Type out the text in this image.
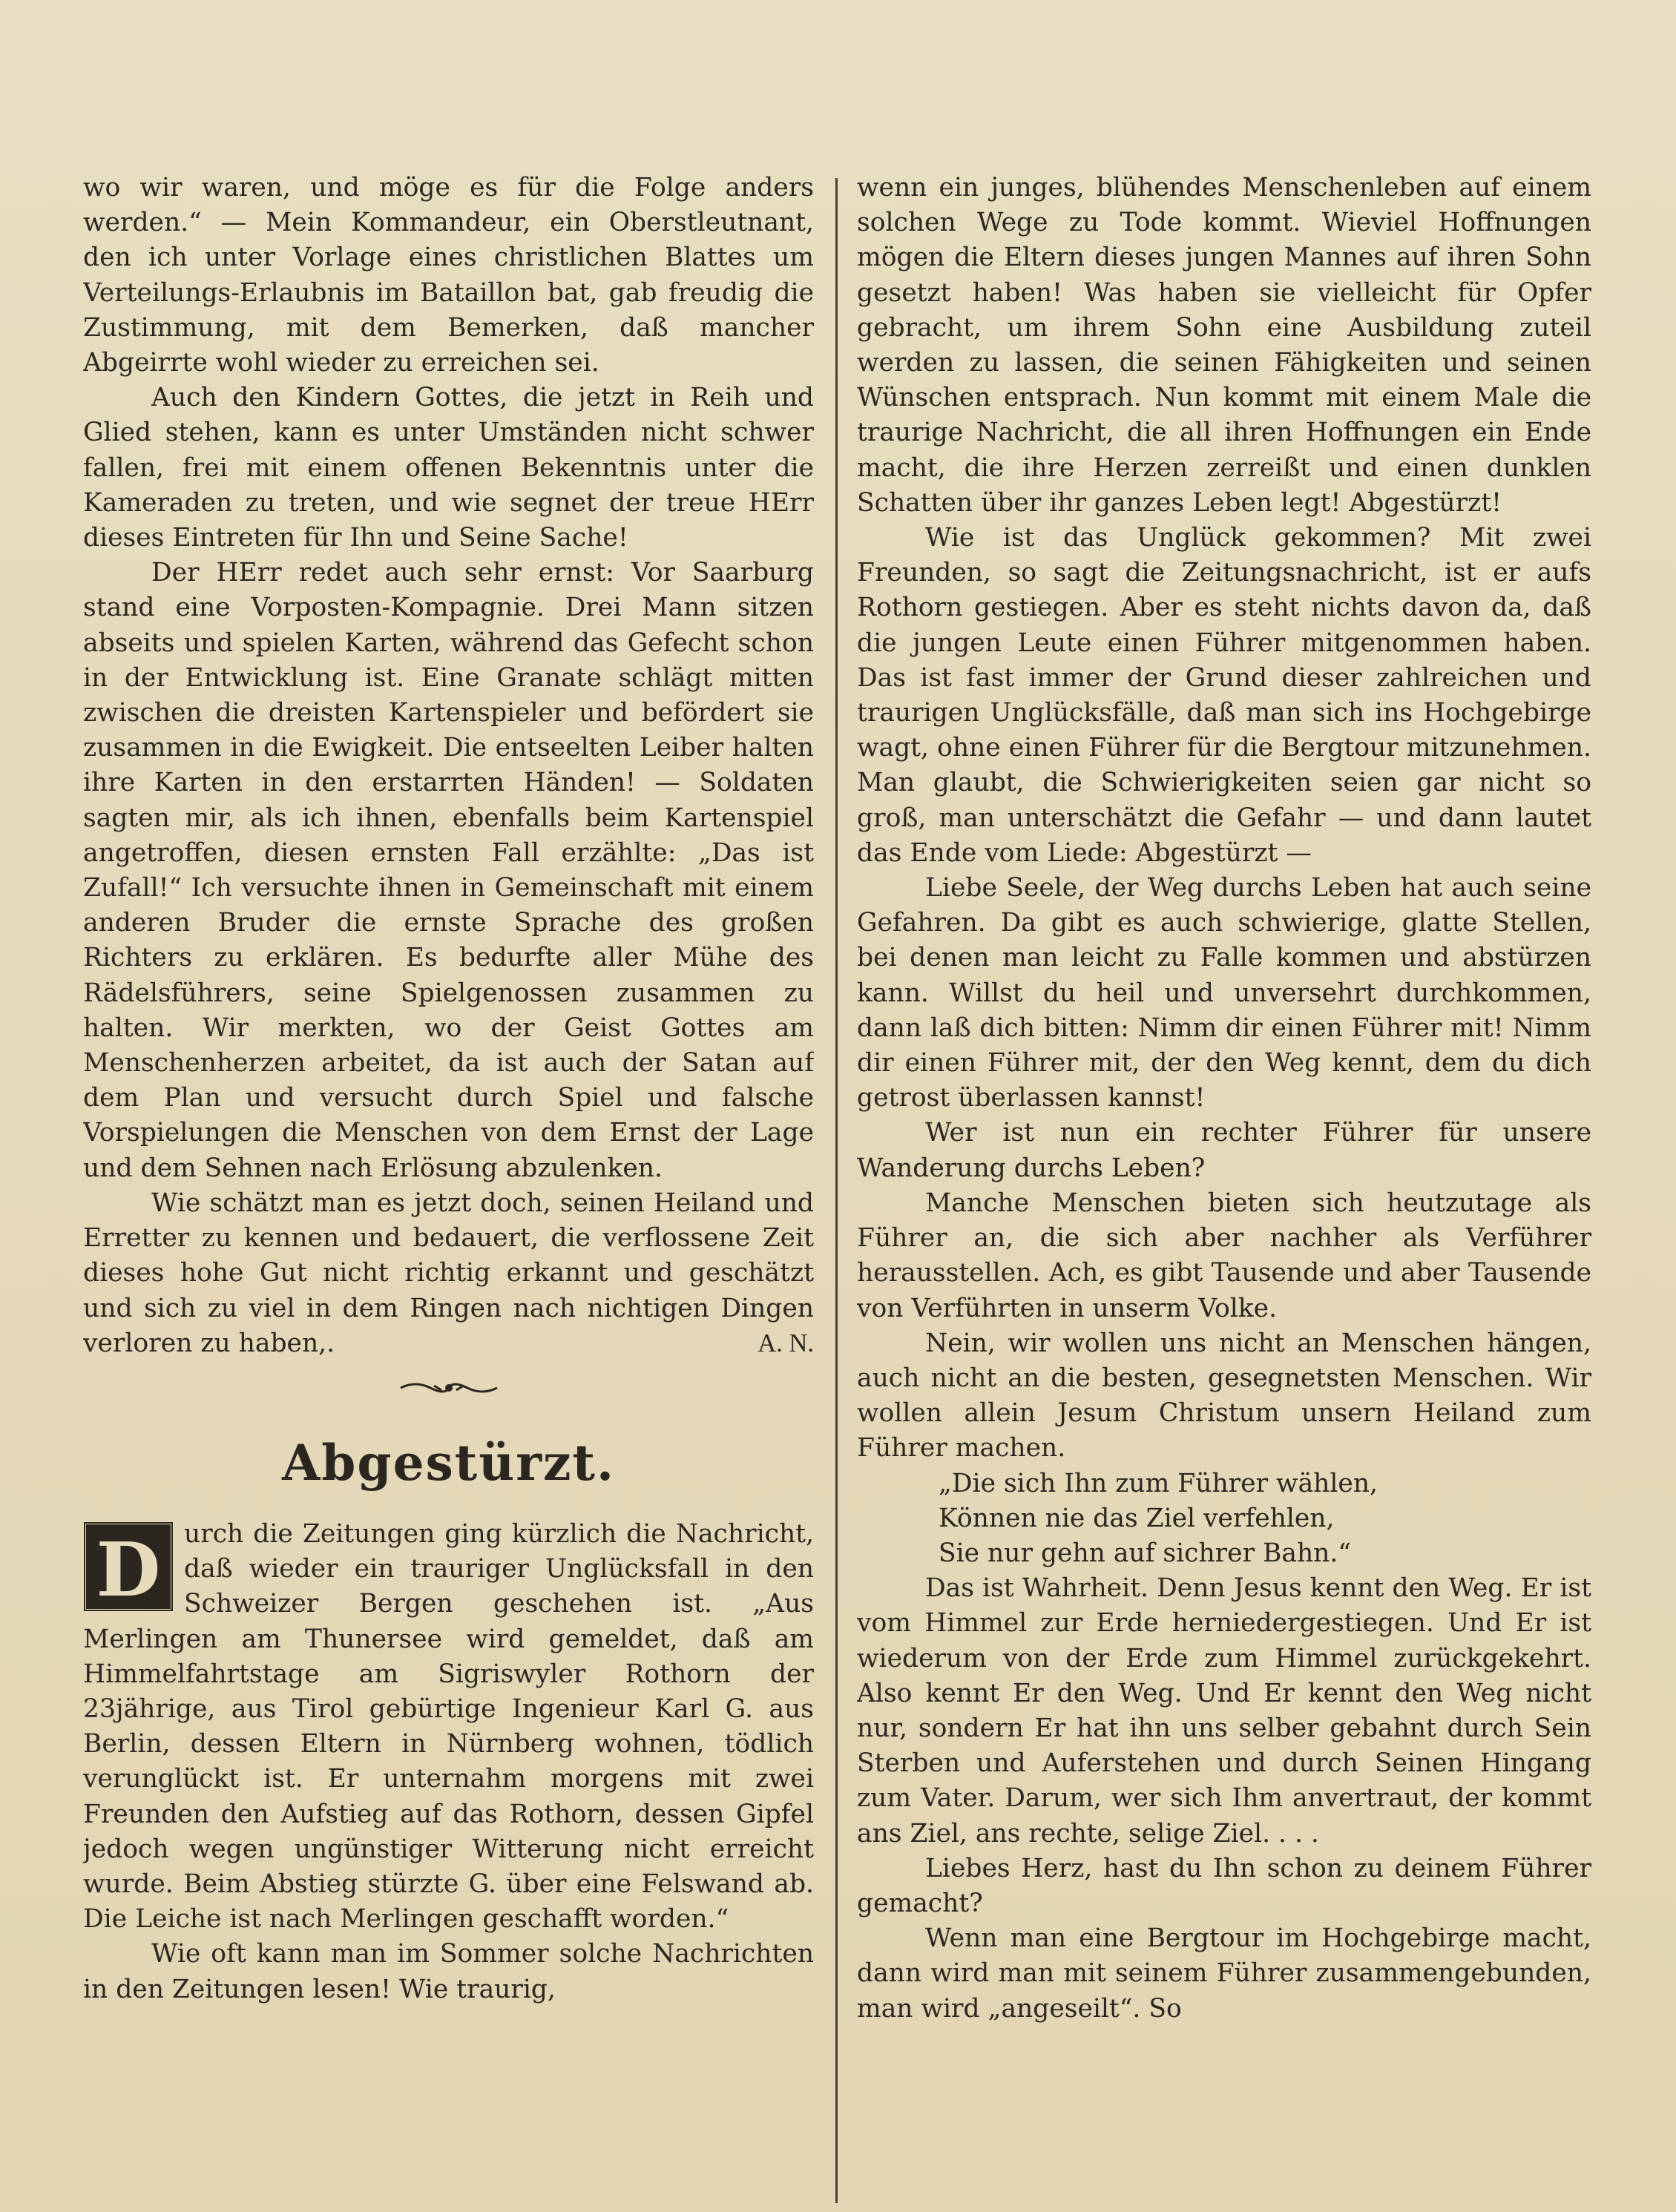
wo wir waren, und möge es für die Folge anders werden.“ — Mein Kommandeur, ein Oberstleutnant, den ich unter Vorlage eines christlichen Blattes um Verteilungs-Erlaubnis im Bataillon bat, gab freudig die Zustimmung, mit dem Bemerken, daß mancher Abgeirrte wohl wieder zu erreichen sei.

Auch den Kindern Gottes, die jetzt in Reih und Glied stehen, kann es unter Umständen nicht schwer fallen, frei mit einem offenen Bekenntnis unter die Kameraden zu treten, und wie segnet der treue HErr dieses Eintreten für Ihn und Seine Sache!

Der HErr redet auch sehr ernst: Vor Saarburg stand eine Vorposten-Kompagnie. Drei Mann sitzen abseits und spielen Karten, während das Gefecht schon in der Entwicklung ist. Eine Granate schlägt mitten zwischen die dreisten Kartenspieler und befördert sie zusammen in die Ewigkeit. Die entseelten Leiber halten ihre Karten in den erstarrten Händen! — Soldaten sagten mir, als ich ihnen, ebenfalls beim Kartenspiel angetroffen, diesen ernsten Fall erzählte: „Das ist Zufall!“ Ich versuchte ihnen in Gemeinschaft mit einem anderen Bruder die ernste Sprache des großen Richters zu erklären. Es bedurfte aller Mühe des Rädelsführers, seine Spielgenossen zusammen zu halten. Wir merkten, wo der Geist Gottes am Menschenherzen arbeitet, da ist auch der Satan auf dem Plan und versucht durch Spiel und falsche Vorspielungen die Menschen von dem Ernst der Lage und dem Sehnen nach Erlösung abzulenken.

Wie schätzt man es jetzt doch, seinen Heiland und Erretter zu kennen und bedauert, die verflossene Zeit dieses hohe Gut nicht richtig erkannt und geschätzt und sich zu viel in dem Ringen nach nichtigen Dingen verloren zu haben,.	A. N.

Abgestürzt.

D urch die Zeitungen ging kürzlich die Nachricht, daß wieder ein trauriger Unglücksfall in den Schweizer Bergen geschehen ist. „Aus Merlingen am Thunersee wird gemeldet, daß am Himmelfahrtstage am Sigriswyler Rothorn der 23jährige, aus Tirol gebürtige Ingenieur Karl G. aus Berlin, dessen Eltern in Nürnberg wohnen, tödlich verunglückt ist. Er unternahm morgens mit zwei Freunden den Aufstieg auf das Rothorn, dessen Gipfel jedoch wegen ungünstiger Witterung nicht erreicht wurde. Beim Abstieg stürzte G. über eine Felswand ab. Die Leiche ist nach Merlingen geschafft worden.“

Wie oft kann man im Sommer solche Nachrichten in den Zeitungen lesen! Wie traurig,

wenn ein junges, blühendes Menschenleben auf einem solchen Wege zu Tode kommt. Wieviel Hoffnungen mögen die Eltern dieses jungen Mannes auf ihren Sohn gesetzt haben! Was haben sie vielleicht für Opfer gebracht, um ihrem Sohn eine Ausbildung zuteil werden zu lassen, die seinen Fähigkeiten und seinen Wünschen entsprach. Nun kommt mit einem Male die traurige Nachricht, die all ihren Hoffnungen ein Ende macht, die ihre Herzen zerreißt und einen dunklen Schatten über ihr ganzes Leben legt! Abgestürzt!

Wie ist das Unglück gekommen? Mit zwei Freunden, so sagt die Zeitungsnachricht, ist er aufs Rothorn gestiegen. Aber es steht nichts davon da, daß die jungen Leute einen Führer mitgenommen haben. Das ist fast immer der Grund dieser zahlreichen und traurigen Unglücksfälle, daß man sich ins Hochgebirge wagt, ohne einen Führer für die Bergtour mitzunehmen. Man glaubt, die Schwierigkeiten seien gar nicht so groß, man unterschätzt die Gefahr — und dann lautet das Ende vom Liede: Abgestürzt —

Liebe Seele, der Weg durchs Leben hat auch seine Gefahren. Da gibt es auch schwierige, glatte Stellen, bei denen man leicht zu Falle kommen und abstürzen kann. Willst du heil und unversehrt durchkommen, dann laß dich bitten: Nimm dir einen Führer mit! Nimm dir einen Führer mit, der den Weg kennt, dem du dich getrost überlassen kannst!

Wer ist nun ein rechter Führer für unsere Wanderung durchs Leben?

Manche Menschen bieten sich heutzutage als Führer an, die sich aber nachher als Verführer herausstellen. Ach, es gibt Tausende und aber Tausende von Verführten in unserm Volke.

Nein, wir wollen uns nicht an Menschen hängen, auch nicht an die besten, gesegnetsten Menschen. Wir wollen allein Jesum Christum unsern Heiland zum Führer machen.

„Die sich Ihn zum Führer wählen,
Können nie das Ziel verfehlen,
Sie nur gehn auf sichrer Bahn.“

Das ist Wahrheit. Denn Jesus kennt den Weg. Er ist vom Himmel zur Erde herniedergestiegen. Und Er ist wiederum von der Erde zum Himmel zurückgekehrt. Also kennt Er den Weg. Und Er kennt den Weg nicht nur, sondern Er hat ihn uns selber gebahnt durch Sein Sterben und Auferstehen und durch Seinen Hingang zum Vater. Darum, wer sich Ihm anvertraut, der kommt ans Ziel, ans rechte, selige Ziel. . . .

Liebes Herz, hast du Ihn schon zu deinem Führer gemacht?

Wenn man eine Bergtour im Hochgebirge macht, dann wird man mit seinem Führer zusammengebunden, man wird „angeseilt“. So
